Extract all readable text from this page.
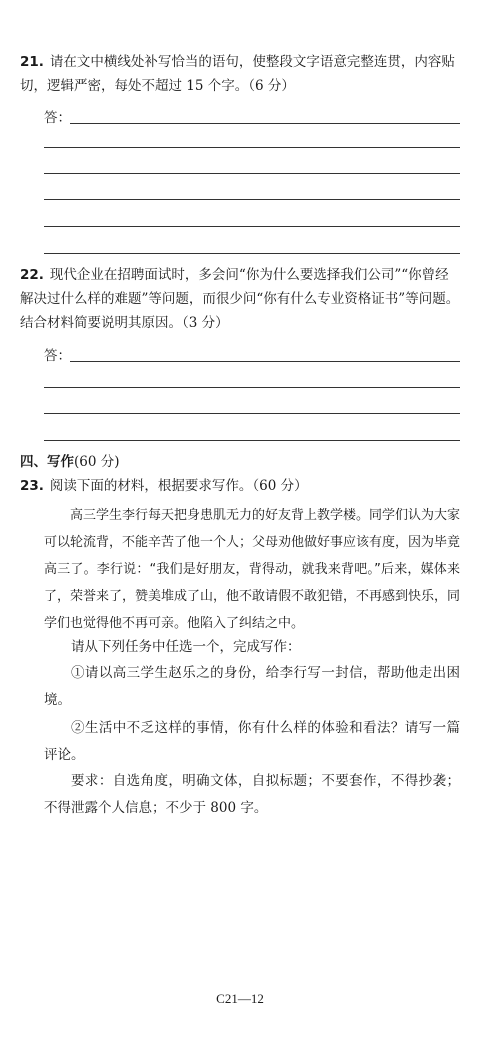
21. 请在文中横线处补写恰当的语句，使整段文字语意完整连贯，内容贴切，逻辑严密，每处不超过 15 个字。（6 分）
答：
22. 现代企业在招聘面试时，多会问“你为什么要选择我们公司”“你曾经解决过什么样的难题”等问题，而很少问“你有什么专业资格证书”等问题。结合材料简要说明其原因。（3 分）
答：
四、写作(60 分)
23. 阅读下面的材料，根据要求写作。（60 分）
高三学生李行每天把身患肌无力的好友背上教学楼。同学们认为大家可以轮流背，不能辛苦了他一个人；父母劝他做好事应该有度，因为毕竟高三了。李行说：“我们是好朋友，背得动，就我来背吧。”后来，媒体来了，荣誉来了，赞美堆成了山，他不敢请假不敢犯错，不再感到快乐，同学们也觉得他不再可亲。他陷入了纠结之中。
请从下列任务中任选一个，完成写作：
①请以高三学生赵乐之的身份，给李行写一封信，帮助他走出困境。
②生活中不乏这样的事情，你有什么样的体验和看法？请写一篇评论。
要求：自选角度，明确文体，自拟标题；不要套作，不得抄袭；不得泄露个人信息；不少于 800 字。
C21—12
